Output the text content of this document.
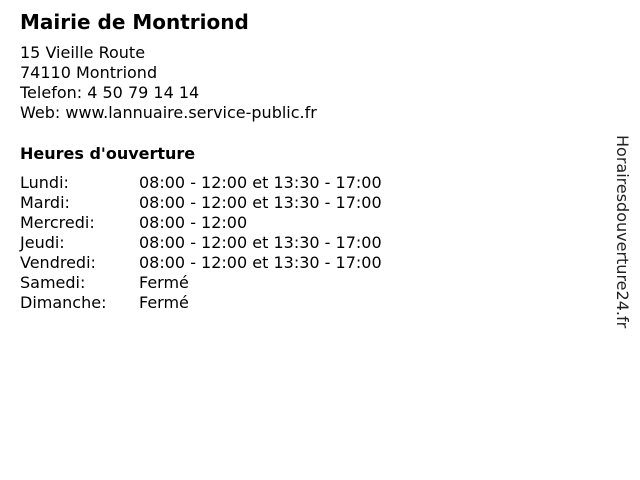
Mairie de Montriond
15 Vieille Route
74110 Montriond
Telefon: 4 50 79 14 14
Web: www.lannuaire.service-public.fr
Heures d'ouverture
Lundi:	08:00 - 12:00 et 13:30 - 17:00
Mardi:	08:00 - 12:00 et 13:30 - 17:00
Mercredi:	08:00 - 12:00
Jeudi:	08:00 - 12:00 et 13:30 - 17:00
Vendredi:	08:00 - 12:00 et 13:30 - 17:00
Samedi:	Fermé
Dimanche: Fermé	Horairesdouverture24.fr
